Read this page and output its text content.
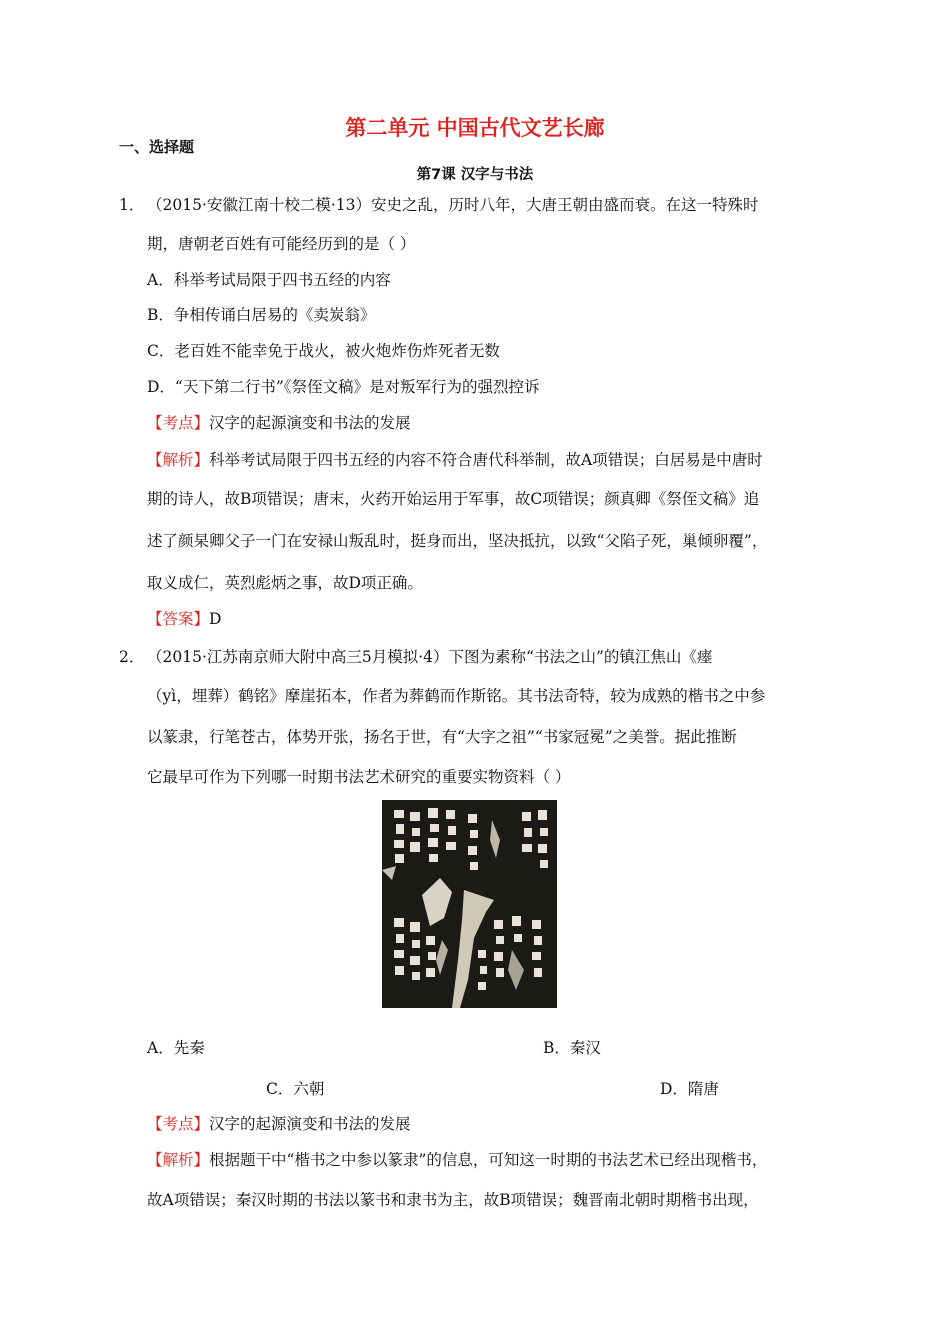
第二单元 中国古代文艺长廊
一、选择题
第7课 汉字与书法
1． （2015·安徽江南十校二模·13）安史之乱，历时八年，大唐王朝由盛而衰。在这一特殊时
期，唐朝老百姓有可能经历到的是（ ）
A．科举考试局限于四书五经的内容
B．争相传诵白居易的《卖炭翁》
C．老百姓不能幸免于战火，被火炮炸伤炸死者无数
D．“天下第二行书”《祭侄文稿》是对叛军行为的强烈控诉
【考点】汉字的起源演变和书法的发展
【解析】科举考试局限于四书五经的内容不符合唐代科举制，故A项错误；白居易是中唐时
期的诗人，故B项错误；唐末，火药开始运用于军事，故C项错误；颜真卿《祭侄文稿》追
述了颜杲卿父子一门在安禄山叛乱时，挺身而出，坚决抵抗，以致“父陷子死，巢倾卵覆”，
取义成仁，英烈彪炳之事，故D项正确。
【答案】D
2． （2015·江苏南京师大附中高三5月模拟·4）下图为素称“书法之山”的镇江焦山《瘗
（yì，埋葬）鹤铭》摩崖拓本，作者为葬鹤而作斯铭。其书法奇特，较为成熟的楷书之中参
以篆隶，行笔苍古，体势开张，扬名于世，有“大字之祖”“书家冠冕”之美誉。据此推断
它最早可作为下列哪一时期书法艺术研究的重要实物资料（ ）
A．先秦	B．秦汉
C．六朝	D．隋唐
【考点】汉字的起源演变和书法的发展
【解析】根据题干中“楷书之中参以篆隶”的信息，可知这一时期的书法艺术已经出现楷书，
故A项错误；秦汉时期的书法以篆书和隶书为主，故B项错误；魏晋南北朝时期楷书出现，
